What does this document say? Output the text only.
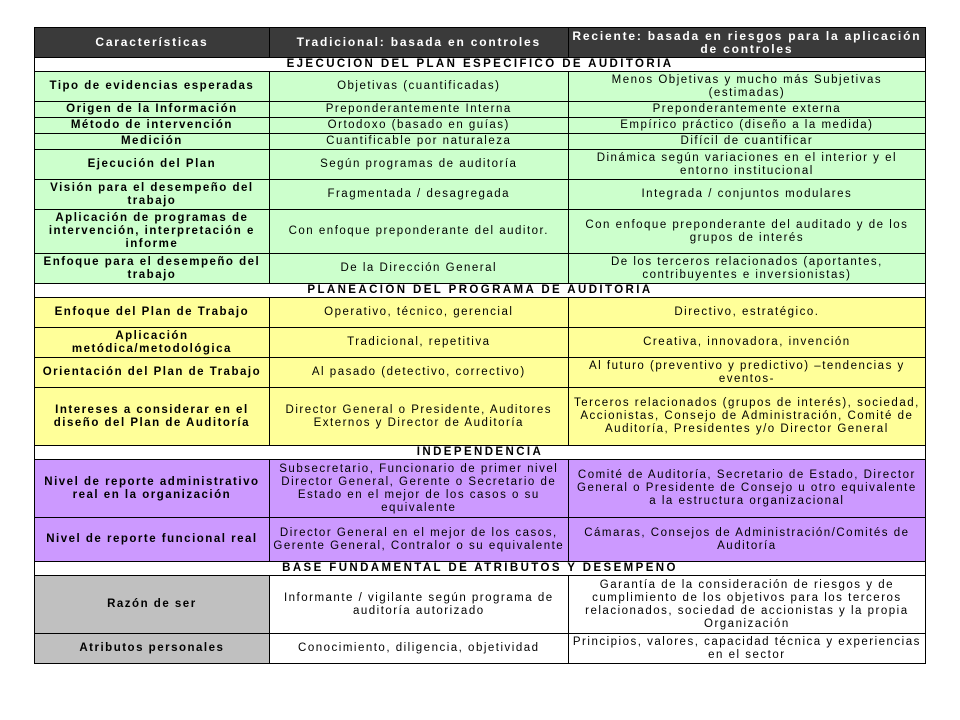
Características	Tradicional: basada en controles	Reciente: basada en riesgos para la aplicación de controles
EJECUCIÓN DEL PLAN ESPECIFICO DE AUDITORIA		
Tipo de evidencias esperadas	Objetivas (cuantificadas)	Menos Objetivas y mucho más Subjetivas (estimadas)
Origen de la Información	Preponderantemente Interna	Preponderantemente externa
Método de intervención	Ortodoxo (basado en guías)	Empírico práctico (diseño a la medida)
Medición	Cuantificable por naturaleza	Difícil de cuantificar
Ejecución del Plan	Según programas de auditoría	Dinámica según variaciones en el interior y el entorno institucional
Visión para el desempeño del trabajo	Fragmentada / desagregada	Integrada / conjuntos modulares
Aplicación de programas de intervención, interpretación e informe	Con enfoque preponderante del auditor.	Con enfoque preponderante del auditado y de los grupos de interés
Enfoque para el desempeño del trabajo	De la Dirección General	De los terceros relacionados (aportantes, contribuyentes e inversionistas)
PLANEACIÓN DEL PROGRAMA DE AUDITORIA		
Enfoque del Plan de Trabajo	Operativo, técnico, gerencial	Directivo, estratégico.
Aplicación metódica/metodológica	Tradicional, repetitiva	Creativa, innovadora, invención
Orientación del Plan de Trabajo	Al pasado (detectivo, correctivo)	Al futuro (preventivo y predictivo) –tendencias y eventos-
Intereses a considerar en el diseño del Plan de Auditoría	Director General o Presidente, Auditores Externos y Director de Auditoría	Terceros relacionados (grupos de interés), sociedad, Accionistas, Consejo de Administración, Comité de Auditoría, Presidentes y/o Director General
INDEPENDENCIA		
Nivel de reporte administrativo real en la organización	Subsecretario, Funcionario de primer nivel Director General, Gerente o Secretario de Estado en el mejor de los casos o su equivalente	Comité de Auditoría, Secretario de Estado, Director General o Presidente de Consejo u otro equivalente a la estructura organizacional
Nivel de reporte funcional real	Director General en el mejor de los casos, Gerente General, Contralor o su equivalente	Cámaras, Consejos de Administración/Comités de Auditoría
BASE FUNDAMENTAL DE ATRIBUTOS Y DESEMPEÑO		
Razón de ser	Informante / vigilante según programa de auditoría autorizado	Garantía de la consideración de riesgos y de cumplimiento de los objetivos para los terceros relacionados, sociedad de accionistas y la propia Organización
Atributos personales	Conocimiento, diligencia, objetividad	Principios, valores, capacidad técnica y experiencias en el sector
